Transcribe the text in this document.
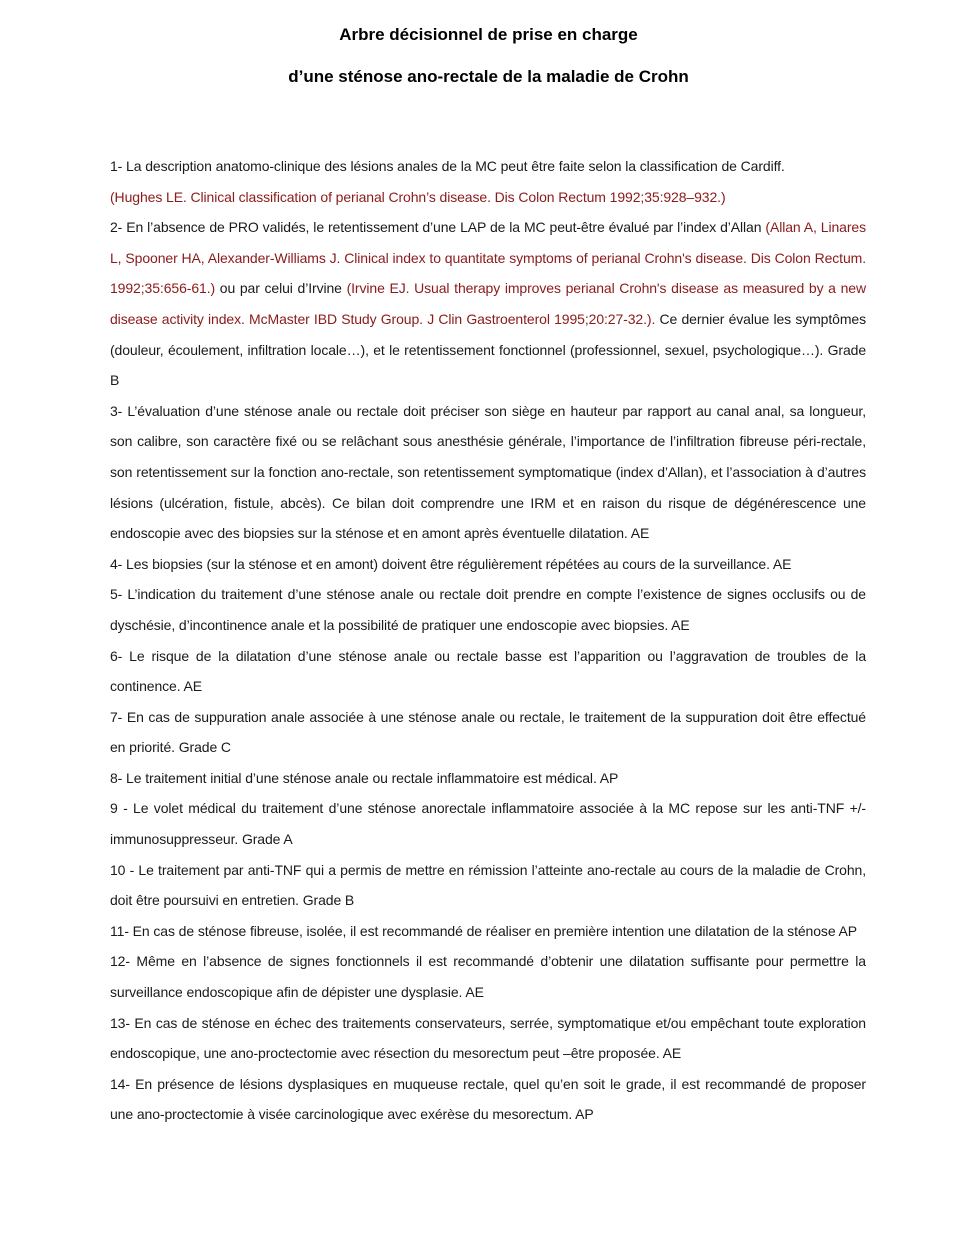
Arbre décisionnel de prise en charge
d’une sténose ano-rectale de la maladie de Crohn

1- La description anatomo-clinique des lésions anales de la MC peut être faite selon la classification de Cardiff.
(Hughes LE. Clinical classification of perianal Crohn’s disease. Dis Colon Rectum 1992;35:928–932.)

2- En l’absence de PRO validés, le retentissement d’une LAP de la MC peut-être évalué par l’index d’Allan (Allan A, Linares L, Spooner HA, Alexander-Williams J. Clinical index to quantitate symptoms of perianal Crohn's disease. Dis Colon Rectum. 1992;35:656-61.) ou par celui d’Irvine (Irvine EJ. Usual therapy improves perianal Crohn's disease as measured by a new disease activity index. McMaster IBD Study Group. J Clin Gastroenterol 1995;20:27-32.). Ce dernier évalue les symptômes (douleur, écoulement, infiltration locale…), et le retentissement fonctionnel (professionnel, sexuel, psychologique…). Grade B

3- L’évaluation d’une sténose anale ou rectale doit préciser son siège en hauteur par rapport au canal anal, sa longueur, son calibre, son caractère fixé ou se relâchant sous anesthésie générale, l’importance de l’infiltration fibreuse péri-rectale, son retentissement sur la fonction ano-rectale, son retentissement symptomatique (index d’Allan), et l’association à d’autres lésions (ulcération, fistule, abcès). Ce bilan doit comprendre une IRM et en raison du risque de dégénérescence une endoscopie avec des biopsies sur la sténose et en amont après éventuelle dilatation. AE

4- Les biopsies (sur la sténose et en amont) doivent être régulièrement répétées au cours de la surveillance. AE

5- L’indication du traitement d’une sténose anale ou rectale doit prendre en compte l’existence de signes occlusifs ou de dyschésie, d’incontinence anale et la possibilité de pratiquer une endoscopie avec biopsies. AE

6- Le risque de la dilatation d’une sténose anale ou rectale basse est l’apparition ou l’aggravation de troubles de la continence. AE

7- En cas de suppuration anale associée à une sténose anale ou rectale, le traitement de la suppuration doit être effectué en priorité. Grade C

8- Le traitement initial d’une sténose anale ou rectale inflammatoire est médical. AP

9 - Le volet médical du traitement d’une sténose anorectale inflammatoire associée à la MC repose sur les anti-TNF +/- immunosuppresseur. Grade A

10 - Le traitement par anti-TNF qui a permis de mettre en rémission l’atteinte ano-rectale au cours de la maladie de Crohn, doit être poursuivi en entretien. Grade B

11- En cas de sténose fibreuse, isolée, il est recommandé de réaliser en première intention une dilatation de la sténose AP

12- Même en l’absence de signes fonctionnels il est recommandé d’obtenir une dilatation suffisante pour permettre la surveillance endoscopique afin de dépister une dysplasie. AE

13- En cas de sténose en échec des traitements conservateurs, serrée, symptomatique et/ou empêchant toute exploration endoscopique, une ano-proctectomie avec résection du mesorectum peut –être proposée. AE

14- En présence de lésions dysplasiques en muqueuse rectale, quel qu’en soit le grade, il est recommandé de proposer une ano-proctectomie à visée carcinologique avec exérèse du mesorectum. AP
